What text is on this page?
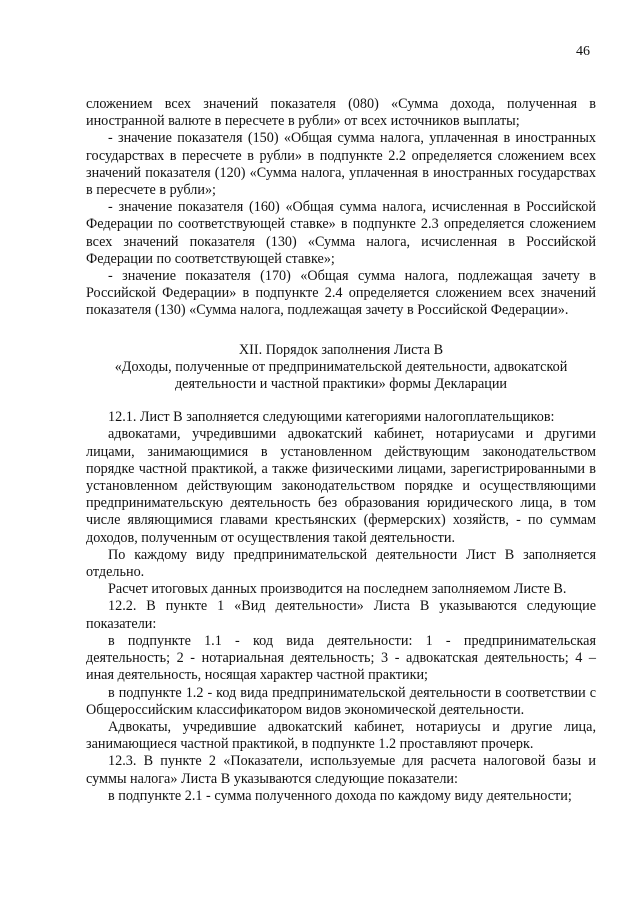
46

сложением всех значений показателя (080) «Сумма дохода, полученная в иностранной валюте в пересчете в рубли» от всех источников выплаты;

- значение показателя (150) «Общая сумма налога, уплаченная в иностранных государствах в пересчете в рубли» в подпункте 2.2 определяется сложением всех значений показателя (120) «Сумма налога, уплаченная в иностранных государствах в пересчете в рубли»;

- значение показателя (160) «Общая сумма налога, исчисленная в Российской Федерации по соответствующей ставке» в подпункте 2.3 определяется сложением всех значений показателя (130) «Сумма налога, исчисленная в Российской Федерации по соответствующей ставке»;

- значение показателя (170) «Общая сумма налога, подлежащая зачету в Российской Федерации» в подпункте 2.4 определяется сложением всех значений показателя (130) «Сумма налога, подлежащая зачету в Российской Федерации».

XII. Порядок заполнения Листа В
«Доходы, полученные от предпринимательской деятельности, адвокатской
деятельности и частной практики» формы Декларации

12.1. Лист В заполняется следующими категориями налогоплательщиков:

адвокатами, учредившими адвокатский кабинет, нотариусами и другими лицами, занимающимися в установленном действующим законодательством порядке частной практикой, а также физическими лицами, зарегистрированными в установленном действующим законодательством порядке и осуществляющими предпринимательскую деятельность без образования юридического лица, в том числе являющимися главами крестьянских (фермерских) хозяйств, - по суммам доходов, полученным от осуществления такой деятельности.

По каждому виду предпринимательской деятельности Лист В заполняется отдельно.

Расчет итоговых данных производится на последнем заполняемом Листе В.

12.2. В пункте 1 «Вид деятельности» Листа В указываются следующие показатели:

в подпункте 1.1 - код вида деятельности: 1 - предпринимательская деятельность; 2 - нотариальная деятельность; 3 - адвокатская деятельность; 4 – иная деятельность, носящая характер частной практики;

в подпункте 1.2 - код вида предпринимательской деятельности в соответствии с Общероссийским классификатором видов экономической деятельности.

Адвокаты, учредившие адвокатский кабинет, нотариусы и другие лица, занимающиеся частной практикой, в подпункте 1.2 проставляют прочерк.

12.3. В пункте 2 «Показатели, используемые для расчета налоговой базы и суммы налога» Листа В указываются следующие показатели:

в подпункте 2.1 - сумма полученного дохода по каждому виду деятельности;
